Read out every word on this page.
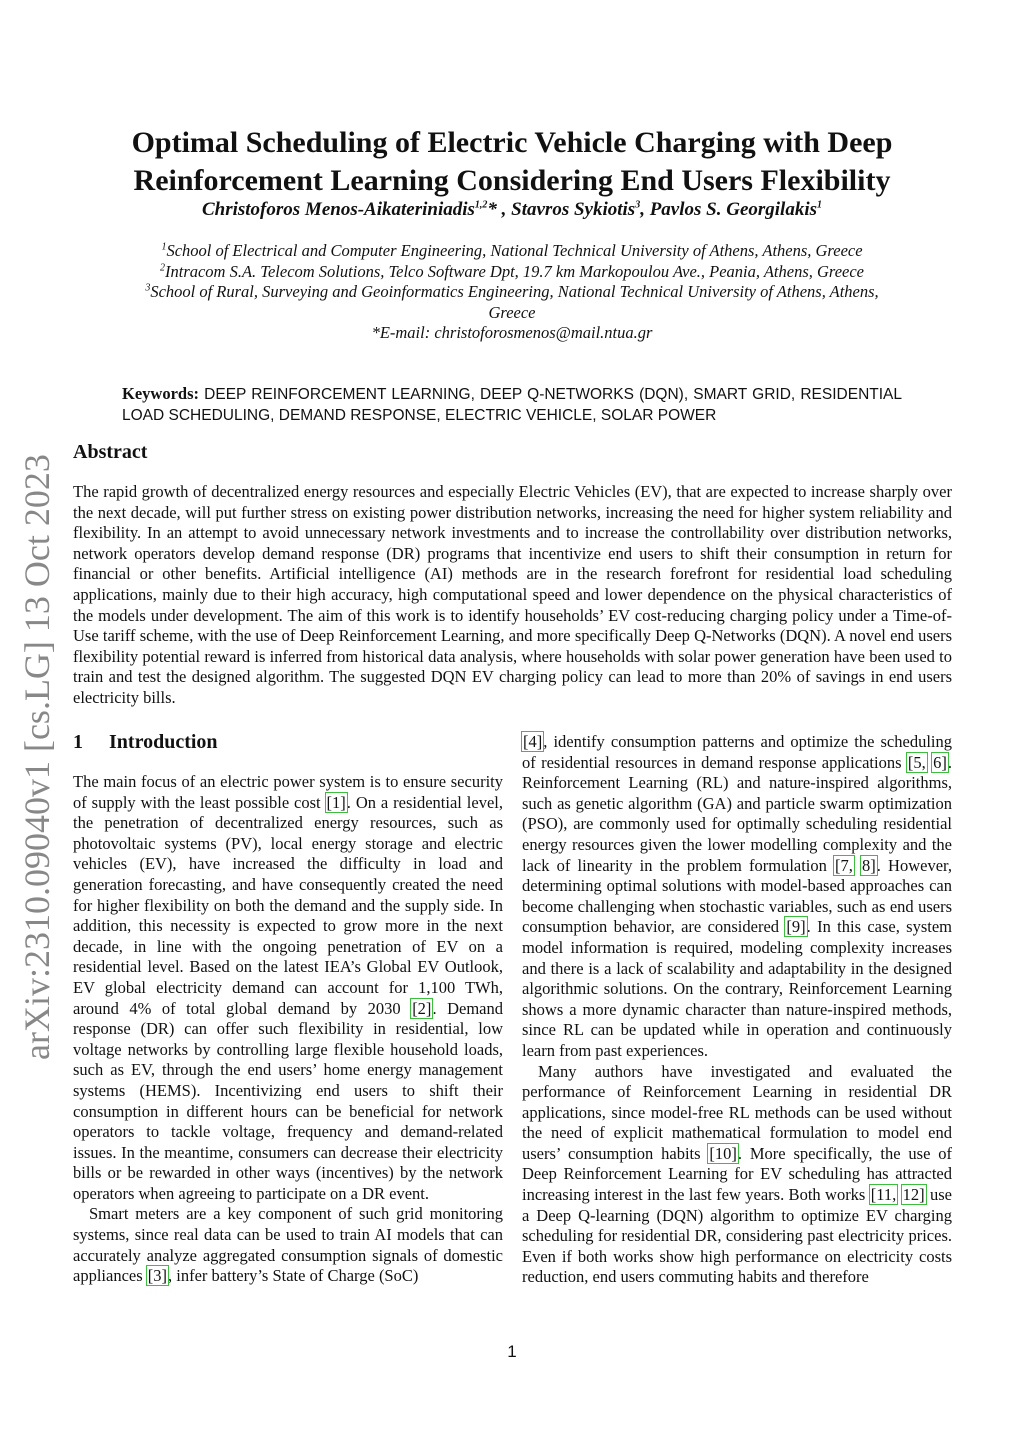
arXiv:2310.09040v1 [cs.LG] 13 Oct 2023
Optimal Scheduling of Electric Vehicle Charging with Deep Reinforcement Learning Considering End Users Flexibility
Christoforos Menos-Aikateriniadis$^{1,2}$* , Stavros Sykiotis$^3$, Pavlos S. Georgilakis$^1$
$^1$School of Electrical and Computer Engineering, National Technical University of Athens, Athens, Greece
$^2$Intracom S.A. Telecom Solutions, Telco Software Dpt, 19.7 km Markopoulou Ave., Peania, Athens, Greece
$^3$School of Rural, Surveying and Geoinformatics Engineering, National Technical University of Athens, Athens, Greece
*E-mail: christoforosmenos@mail.ntua.gr
Keywords: DEEP REINFORCEMENT LEARNING, DEEP Q-NETWORKS (DQN), SMART GRID, RESIDENTIAL LOAD SCHEDULING, DEMAND RESPONSE, ELECTRIC VEHICLE, SOLAR POWER
Abstract

The rapid growth of decentralized energy resources and especially Electric Vehicles (EV), that are expected to increase sharply over the next decade, will put further stress on existing power distribution networks, increasing the need for higher system reliability and flexibility. In an attempt to avoid unnecessary network investments and to increase the controllability over distribution networks, network operators develop demand response (DR) programs that incentivize end users to shift their consumption in return for financial or other benefits. Artificial intelligence (AI) methods are in the research forefront for residential load scheduling applications, mainly due to their high accuracy, high computational speed and lower dependence on the physical characteristics of the models under development. The aim of this work is to identify households’ EV cost-reducing charging policy under a Time-of-Use tariff scheme, with the use of Deep Reinforcement Learning, and more specifically Deep Q-Networks (DQN). A novel end users flexibility potential reward is inferred from historical data analysis, where households with solar power generation have been used to train and test the designed algorithm. The suggested DQN EV charging policy can lead to more than 20% of savings in end users electricity bills.

1 Introduction

The main focus of an electric power system is to ensure security of supply with the least possible cost [1]. On a residential level, the penetration of decentralized energy resources, such as photovoltaic systems (PV), local energy storage and electric vehicles (EV), have increased the difficulty in load and generation forecasting, and have consequently created the need for higher flexibility on both the demand and the supply side. In addition, this necessity is expected to grow more in the next decade, in line with the ongoing penetration of EV on a residential level. Based on the latest IEA’s Global EV Outlook, EV global electricity demand can account for 1,100 TWh, around 4% of total global demand by 2030 [2]. Demand response (DR) can offer such flexibility in residential, low voltage networks by controlling large flexible household loads, such as EV, through the end users’ home energy management systems (HEMS). Incentivizing end users to shift their consumption in different hours can be beneficial for network operators to tackle voltage, frequency and demand-related issues. In the meantime, consumers can decrease their electricity bills or be rewarded in other ways (incentives) by the network operators when agreeing to participate on a DR event.

Smart meters are a key component of such grid monitoring systems, since real data can be used to train AI models that can accurately analyze aggregated consumption signals of domestic appliances [3], infer battery’s State of Charge (SoC)

[4], identify consumption patterns and optimize the scheduling of residential resources in demand response applications [5, 6]. Reinforcement Learning (RL) and nature-inspired algorithms, such as genetic algorithm (GA) and particle swarm optimization (PSO), are commonly used for optimally scheduling residential energy resources given the lower modelling complexity and the lack of linearity in the problem formulation [7, 8]. However, determining optimal solutions with model-based approaches can become challenging when stochastic variables, such as end users consumption behavior, are considered [9]. In this case, system model information is required, modeling complexity increases and there is a lack of scalability and adaptability in the designed algorithmic solutions. On the contrary, Reinforcement Learning shows a more dynamic character than nature-inspired methods, since RL can be updated while in operation and continuously learn from past experiences.

Many authors have investigated and evaluated the performance of Reinforcement Learning in residential DR applications, since model-free RL methods can be used without the need of explicit mathematical formulation to model end users’ consumption habits [10]. More specifically, the use of Deep Reinforcement Learning for EV scheduling has attracted increasing interest in the last few years. Both works [11, 12] use a Deep Q-learning (DQN) algorithm to optimize EV charging scheduling for residential DR, considering past electricity prices. Even if both works show high performance on electricity costs reduction, end users commuting habits and therefore

1
